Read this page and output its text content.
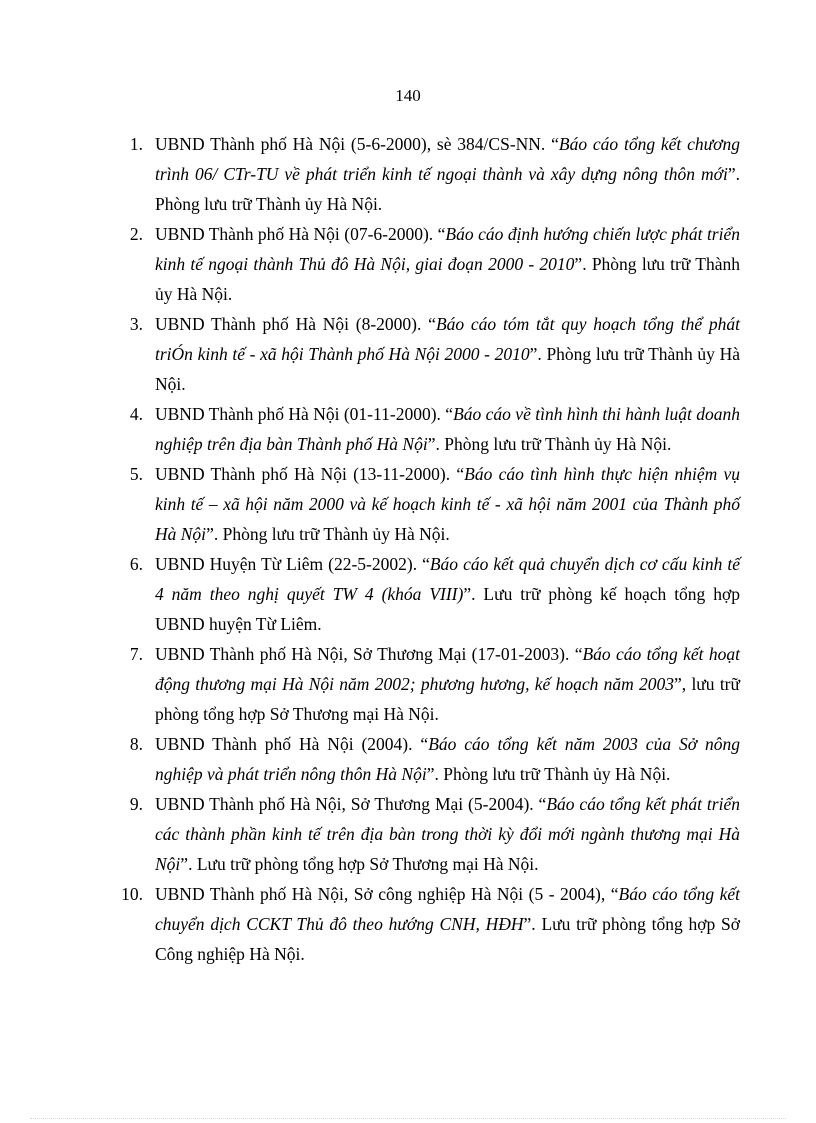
140
1. UBND Thành phố Hà Nội (5-6-2000), sè 384/CS-NN. “Báo cáo tổng kết chương trình 06/ CTr-TU về phát triển kinh tế ngoại thành và xây dựng nông thôn mới”. Phòng lưu trữ Thành ủy Hà Nội.
2. UBND Thành phố Hà Nội (07-6-2000). “Báo cáo định hướng chiến lược phát triển kinh tế ngoại thành Thủ đô Hà Nội, giai đoạn 2000 - 2010”. Phòng lưu trữ Thành ủy Hà Nội.
3. UBND Thành phố Hà Nội (8-2000). “Báo cáo tóm tắt quy hoạch tổng thể phát triÓn kinh tế - xã hội Thành phố Hà Nội 2000 - 2010”. Phòng lưu trữ Thành ủy Hà Nội.
4. UBND Thành phố Hà Nội (01-11-2000). “Báo cáo về tình hình thi hành luật doanh nghiệp trên địa bàn Thành phố Hà Nội”. Phòng lưu trữ Thành ủy Hà Nội.
5. UBND Thành phố Hà Nội (13-11-2000). “Báo cáo tình hình thực hiện nhiệm vụ kinh tế – xã hội năm 2000 và kế hoạch kinh tế - xã hội năm 2001 của Thành phố Hà Nội”. Phòng lưu trữ Thành ủy Hà Nội.
6. UBND Huyện Từ Liêm (22-5-2002). “Báo cáo kết quả chuyển dịch cơ cấu kinh tế 4 năm theo nghị quyết TW 4 (khóa VIII)”. Lưu trữ phòng kế hoạch tổng hợp UBND huyện Từ Liêm.
7. UBND Thành phố Hà Nội, Sở Thương Mại (17-01-2003). “Báo cáo tổng kết hoạt động thương mại Hà Nội năm 2002; phương hương, kế hoạch năm 2003”, lưu trữ phòng tổng hợp Sở Thương mại Hà Nội.
8. UBND Thành phố Hà Nội (2004). “Báo cáo tổng kết năm 2003 của Sở nông nghiệp và phát triển nông thôn Hà Nội”. Phòng lưu trữ Thành ủy Hà Nội.
9. UBND Thành phố Hà Nội, Sở Thương Mại (5-2004). “Báo cáo tổng kết phát triển các thành phần kinh tế trên địa bàn trong thời kỳ đổi mới ngành thương mại Hà Nội”. Lưu trữ phòng tổng hợp Sở Thương mại Hà Nội.
10. UBND Thành phố Hà Nội, Sở công nghiệp Hà Nội (5 - 2004), “Báo cáo tổng kết chuyển dịch CCKT Thủ đô theo hướng CNH, HĐH”. Lưu trữ phòng tổng hợp Sở Công nghiệp Hà Nội.
